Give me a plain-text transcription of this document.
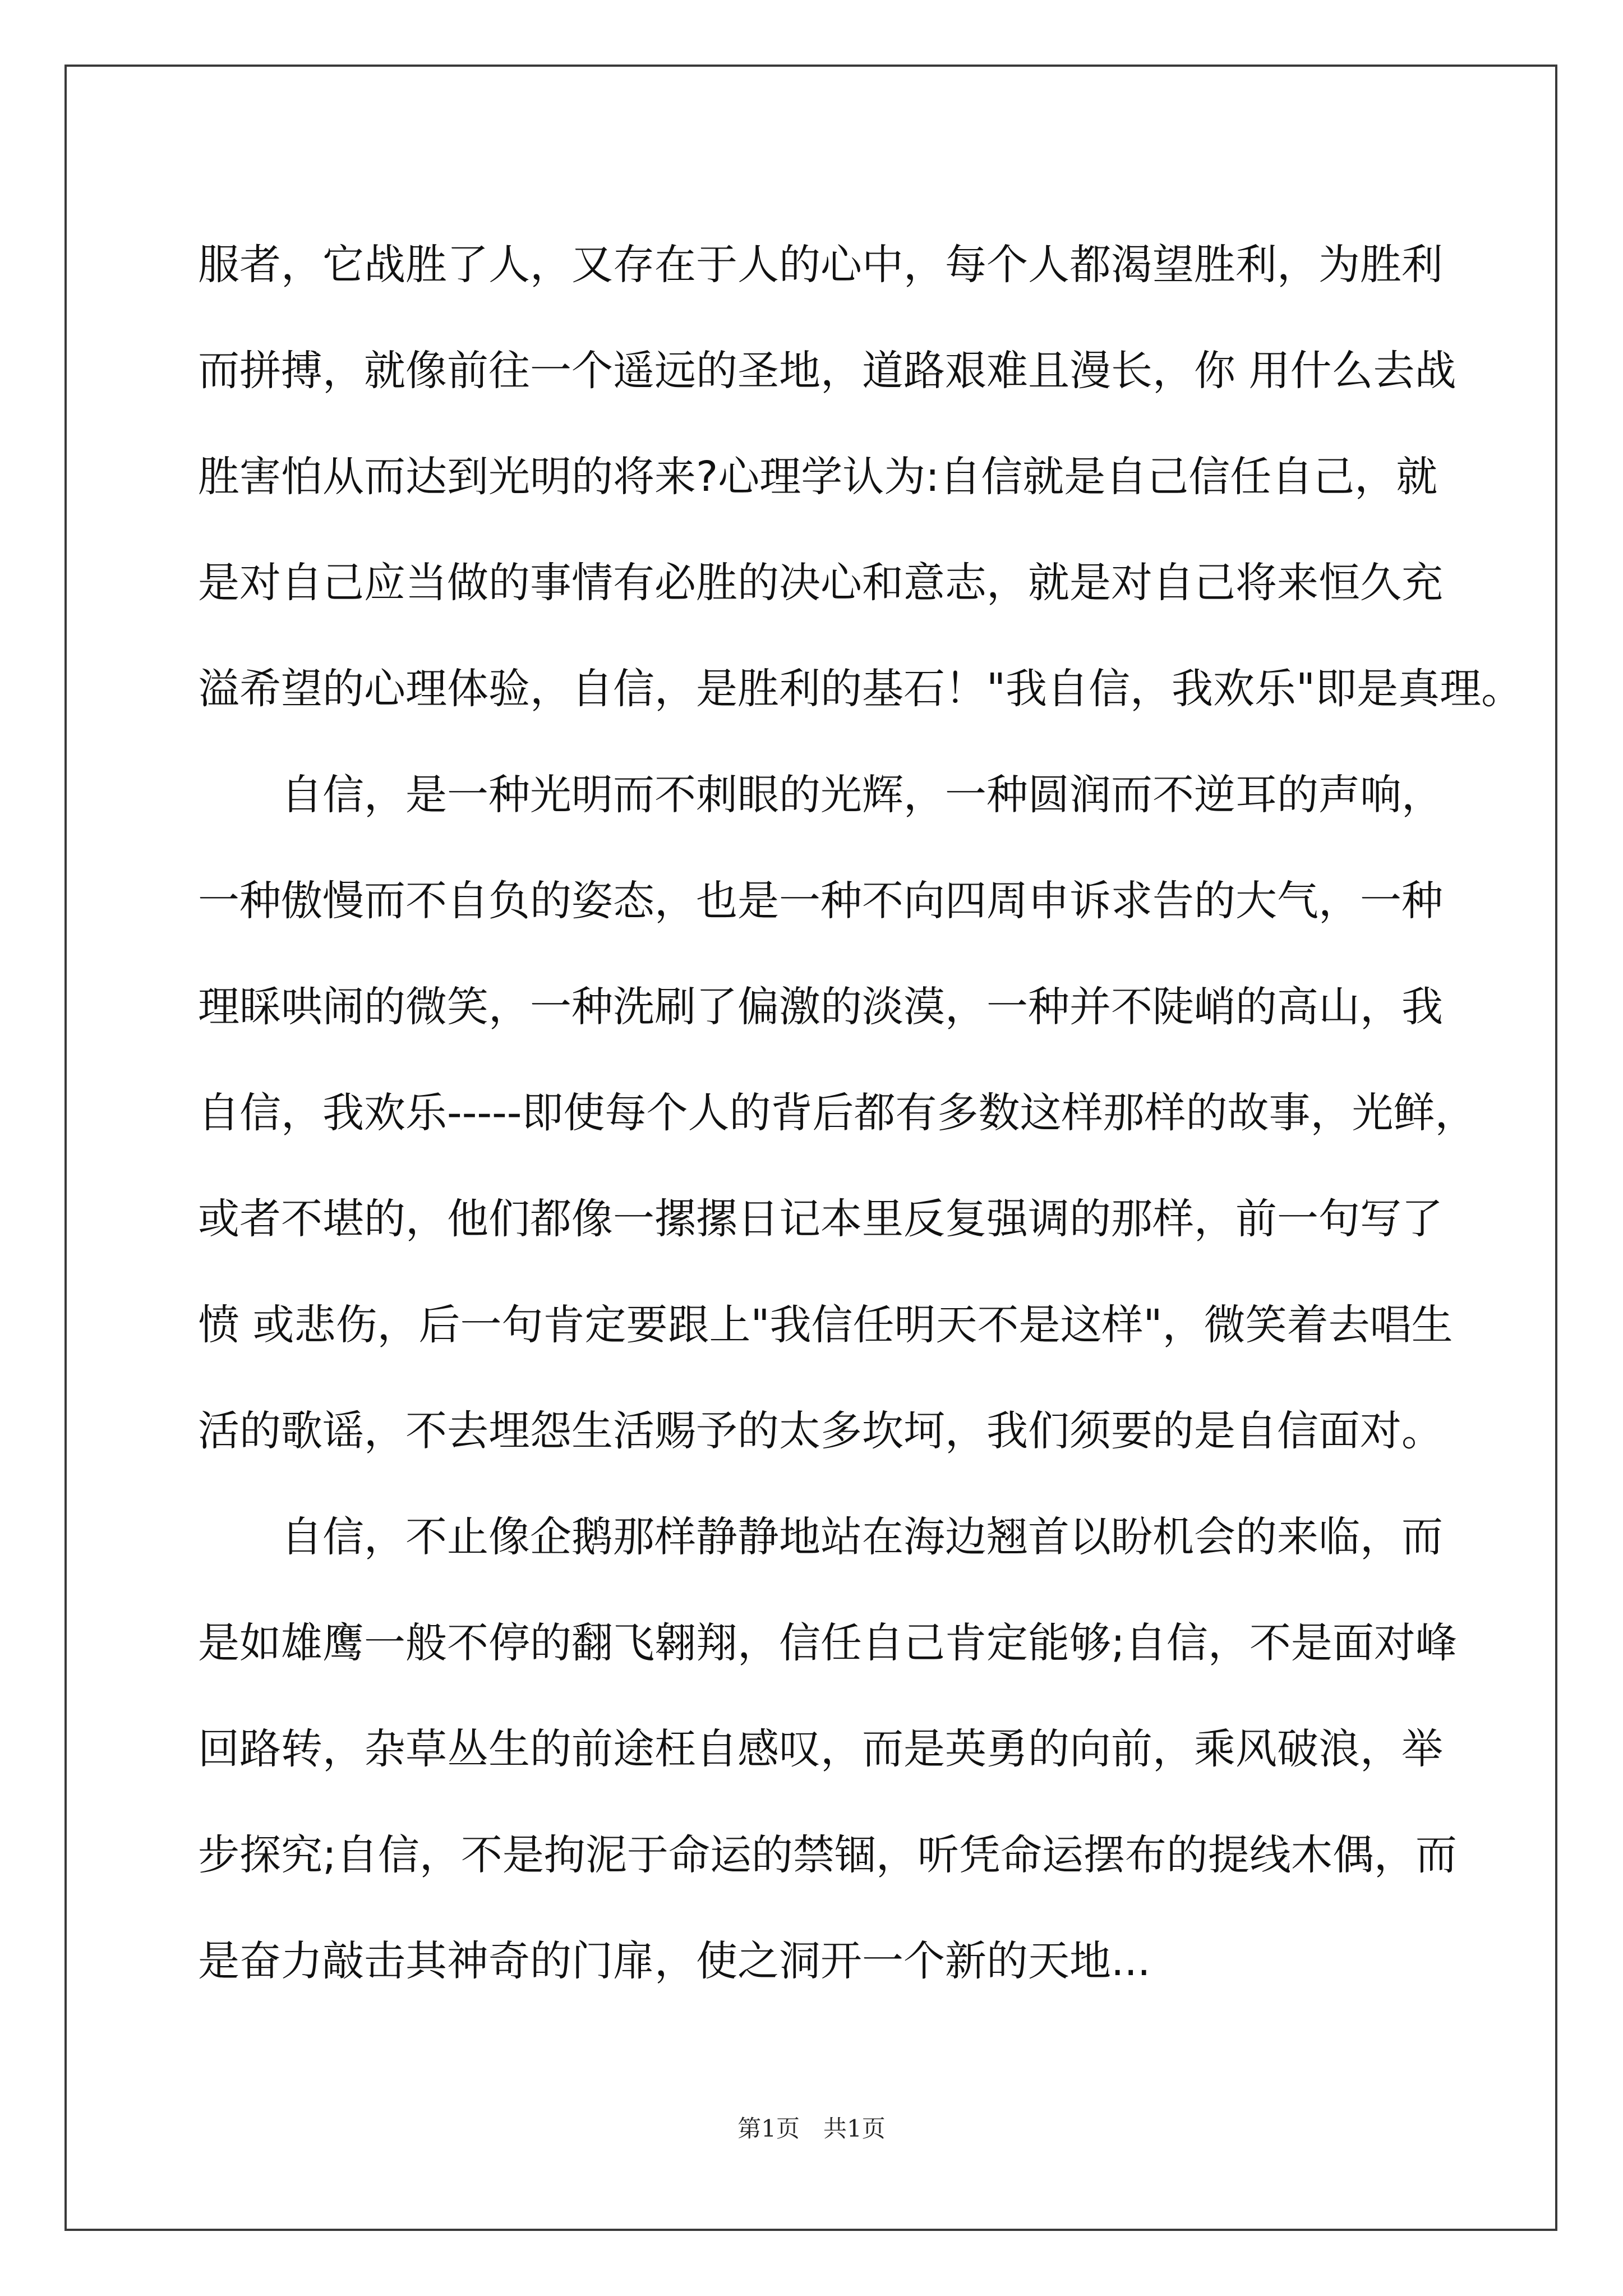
服者，它战胜了人，又存在于人的心中，每个人都渴望胜利，为胜利
而拼搏，就像前往一个遥远的圣地，道路艰难且漫长，你 用什么去战
胜害怕从而达到光明的将来?心理学认为:自信就是自己信任自己，就
是对自己应当做的事情有必胜的决心和意志，就是对自己将来恒久充
溢希望的心理体验，自信，是胜利的基石！"我自信，我欢乐"即是真理。
自信，是一种光明而不刺眼的光辉，一种圆润而不逆耳的声响，
一种傲慢而不自负的姿态，也是一种不向四周申诉求告的大气，一种
理睬哄闹的微笑，一种洗刷了偏激的淡漠，一种并不陡峭的高山，我
自信，我欢乐-----即使每个人的背后都有多数这样那样的故事，光鲜，
或者不堪的，他们都像一摞摞日记本里反复强调的那样，前一句写了
愤 或悲伤，后一句肯定要跟上"我信任明天不是这样"，微笑着去唱生
活的歌谣，不去埋怨生活赐予的太多坎坷，我们须要的是自信面对。
自信，不止像企鹅那样静静地站在海边翘首以盼机会的来临，而
是如雄鹰一般不停的翻飞翱翔，信任自己肯定能够;自信，不是面对峰
回路转，杂草丛生的前途枉自感叹，而是英勇的向前，乘风破浪，举
步探究;自信，不是拘泥于命运的禁锢，听凭命运摆布的提线木偶，而
是奋力敲击其神奇的门扉，使之洞开一个新的天地...
第1页　共1页
